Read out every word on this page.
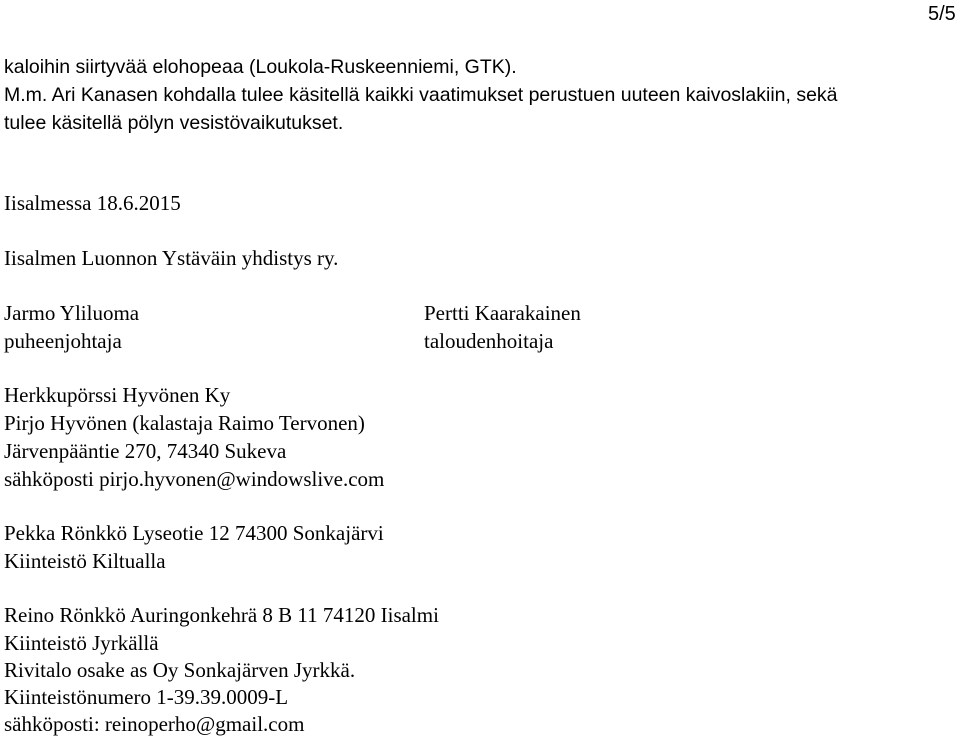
5/5
kaloihin siirtyvää elohopeaa (Loukola-Ruskeenniemi, GTK).
M.m. Ari Kanasen kohdalla tulee käsitellä kaikki vaatimukset perustuen uuteen kaivoslakiin, sekä
tulee käsitellä pölyn vesistövaikutukset.
Iisalmessa 18.6.2015
Iisalmen Luonnon Ystäväin yhdistys ry.
Jarmo Yliluoma
puheenjohtaja
Pertti Kaarakainen
taloudenhoitaja
Herkkupörssi Hyvönen Ky
Pirjo Hyvönen (kalastaja Raimo Tervonen)
Järvenpääntie 270, 74340 Sukeva
sähköposti pirjo.hyvonen@windowslive.com
Pekka Rönkkö Lyseotie 12 74300 Sonkajärvi
Kiinteistö Kiltualla
Reino Rönkkö Auringonkehrä 8 B 11 74120 Iisalmi
Kiinteistö Jyrkällä
Rivitalo osake as Oy Sonkajärven Jyrkkä.
Kiinteistönumero 1-39.39.0009-L
sähköposti: reinoperho@gmail.com
